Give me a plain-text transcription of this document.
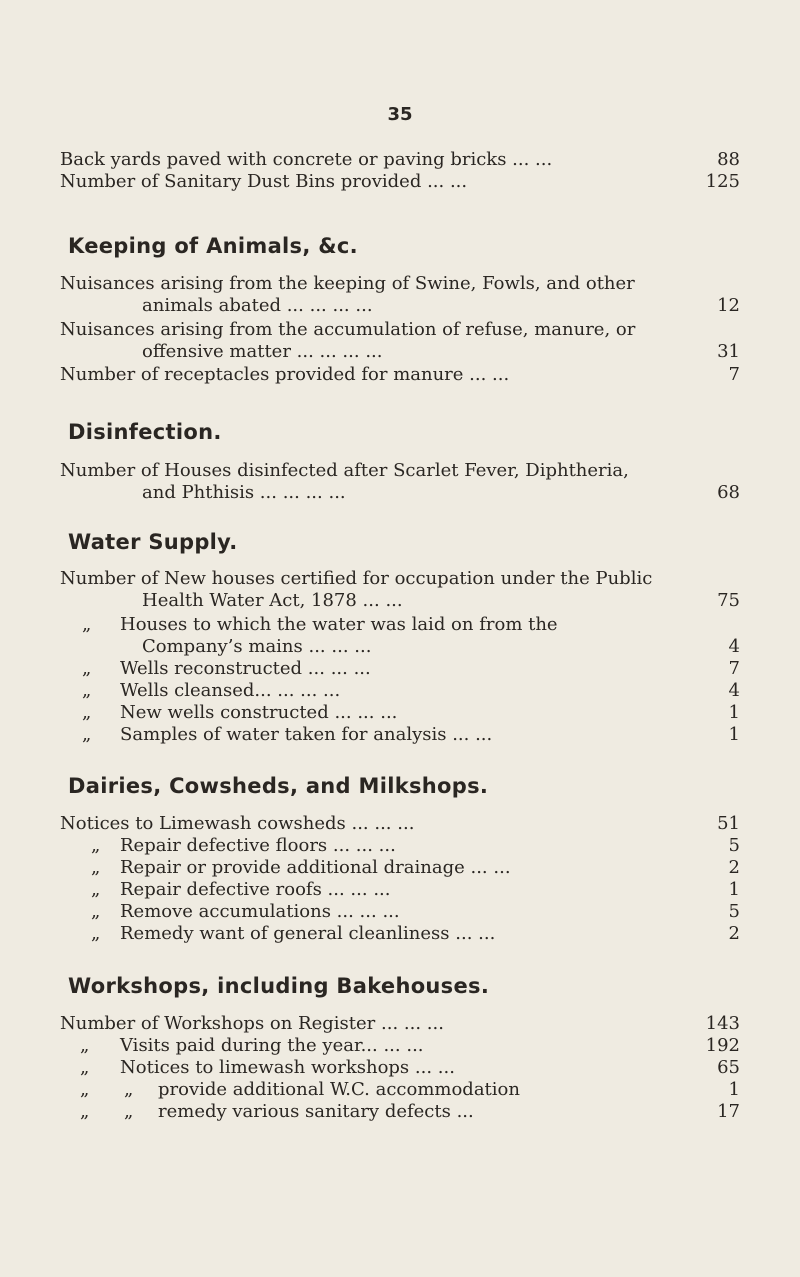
35
Back yards paved with concrete or paving bricks ... ...	88
Number of Sanitary Dust Bins provided ... ...	125
Keeping of Animals, &c.
Nuisances arising from the keeping of Swine, Fowls, and other
animals abated ... ... ... ...	12
Nuisances arising from the accumulation of refuse, manure, or
offensive matter ... ... ... ...	31
Number of receptacles provided for manure ... ...	7
Disinfection.
Number of Houses disinfected after Scarlet Fever, Diphtheria,
and Phthisis ... ... ... ...	68
Water Supply.
Number of New houses certified for occupation under the Public
Health Water Act, 1878 ... ...	75
„ Houses to which the water was laid on from the
Company’s mains ... ... ...	4
„ Wells reconstructed ... ... ...	7
„ Wells cleansed... ... ... ...	4
„ New wells constructed ... ... ...	1
„ Samples of water taken for analysis ... ...	1
Dairies, Cowsheds, and Milkshops.
Notices to Limewash cowsheds ... ... ...	51
„ Repair defective floors ... ... ...	5
„ Repair or provide additional drainage ... ...	2
„ Repair defective roofs ... ... ...	1
„ Remove accumulations ... ... ...	5
„ Remedy want of general cleanliness ... ...	2
Workshops, including Bakehouses.
Number of Workshops on Register ... ... ...	143
„ Visits paid during the year... ... ...	192
„ Notices to limewash workshops ... ...	65
„ „ provide additional W.C. accommodation	1
„ „ remedy various sanitary defects ...	17
